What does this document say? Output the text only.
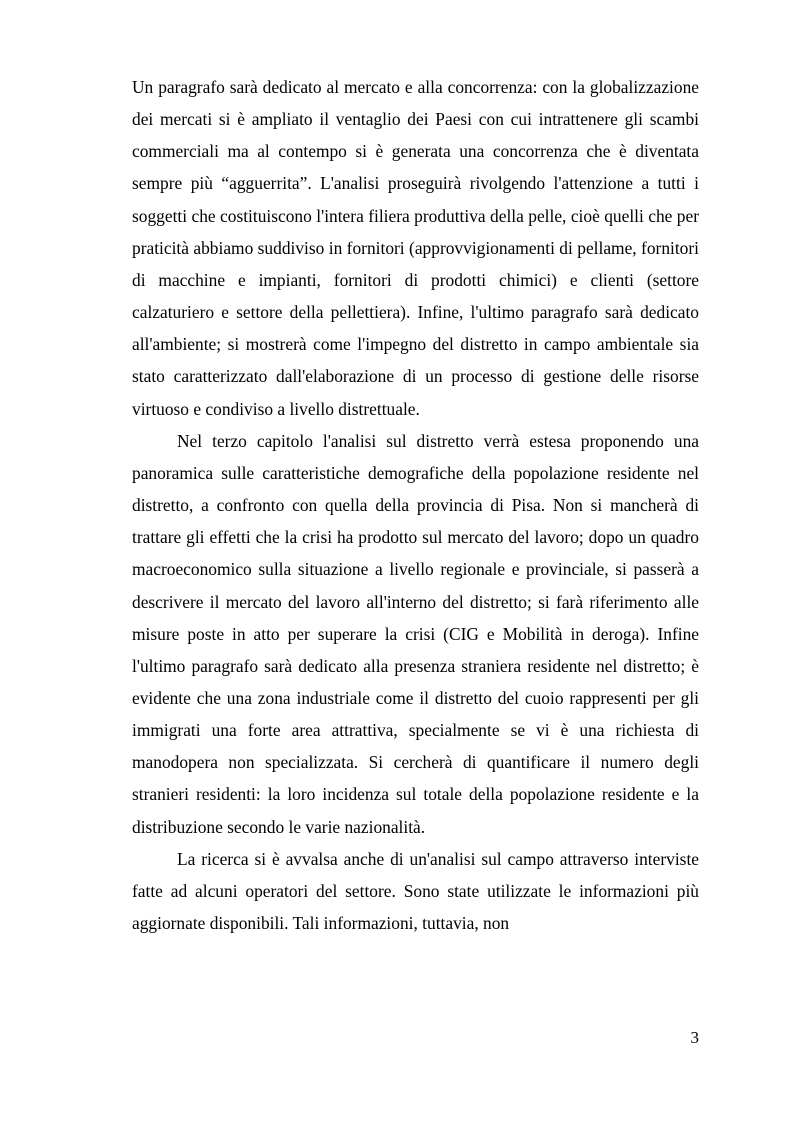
Un paragrafo sarà dedicato al mercato e alla concorrenza: con la globalizzazione dei mercati si è ampliato il ventaglio dei Paesi con cui intrattenere gli scambi commerciali ma al contempo si è generata una concorrenza che è diventata sempre più “agguerrita”. L'analisi proseguirà rivolgendo l'attenzione a tutti i soggetti che costituiscono l'intera filiera produttiva della pelle, cioè quelli che per praticità abbiamo suddiviso in fornitori (approvvigionamenti di pellame, fornitori di macchine e impianti, fornitori di prodotti chimici) e clienti (settore calzaturiero e settore della pellettiera). Infine, l'ultimo paragrafo sarà dedicato all'ambiente; si mostrerà come l'impegno del distretto in campo ambientale sia stato caratterizzato dall'elaborazione di un processo di gestione delle risorse virtuoso e condiviso a livello distrettuale.

Nel terzo capitolo l'analisi sul distretto verrà estesa proponendo una panoramica sulle caratteristiche demografiche della popolazione residente nel distretto, a confronto con quella della provincia di Pisa. Non si mancherà di trattare gli effetti che la crisi ha prodotto sul mercato del lavoro; dopo un quadro macroeconomico sulla situazione a livello regionale e provinciale, si passerà a descrivere il mercato del lavoro all'interno del distretto; si farà riferimento alle misure poste in atto per superare la crisi (CIG e Mobilità in deroga). Infine l'ultimo paragrafo sarà dedicato alla presenza straniera residente nel distretto; è evidente che una zona industriale come il distretto del cuoio rappresenti per gli immigrati una forte area attrattiva, specialmente se vi è una richiesta di manodopera non specializzata. Si cercherà di quantificare il numero degli stranieri residenti: la loro incidenza sul totale della popolazione residente e la distribuzione secondo le varie nazionalità.

La ricerca si è avvalsa anche di un'analisi sul campo attraverso interviste fatte ad alcuni operatori del settore. Sono state utilizzate le informazioni più aggiornate disponibili. Tali informazioni, tuttavia, non

3
